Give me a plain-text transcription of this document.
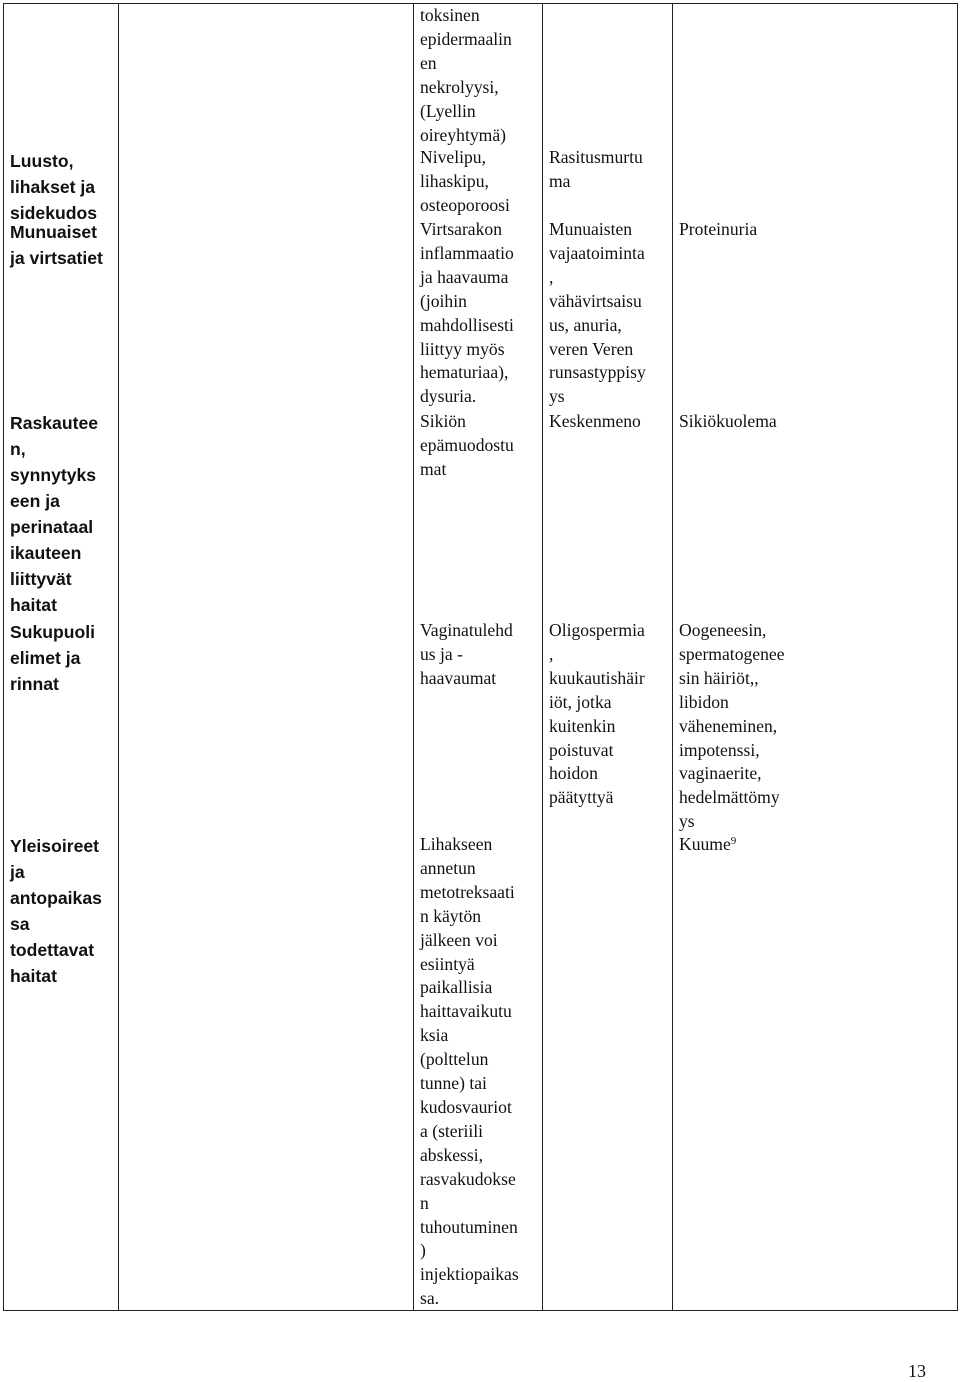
Luusto,
lihakset ja
sidekudos
Munuaiset
ja virtsatiet
Raskautee
n,
synnytyks
een ja
perinataal
ikauteen
liittyvät
haitat
Sukupuoli
elimet ja
rinnat
Yleisoireet
ja
antopaikas
sa
todettavat
haitat
toksinen
epidermaalin
en
nekrolyysi,
(Lyellin
oireyhtymä)
Nivelipu,
lihaskipu,
osteoporoosi
Virtsarakon
inflammaatio
ja haavauma
(joihin
mahdollisesti
liittyy myös
hematuriaa),
dysuria.
Sikiön
epämuodostu
mat
Vaginatulehd
us ja -
haavaumat
Lihakseen
annetun
metotreksaati
n käytön
jälkeen voi
esiintyä
paikallisia
haittavaikutu
ksia
(polttelun
tunne) tai
kudosvauriot
a (steriili
abskessi,
rasvakudokse
n
tuhoutuminen
)
injektiopaikas
sa.
Rasitusmurtu
ma
Munuaisten
vajaatoiminta
,
vähävirtsaisu
us, anuria,
veren Veren
runsastyppisy
ys
Keskenmeno
Oligospermia
,
kuukautishäir
iöt, jotka
kuitenkin
poistuvat
hoidon
päätyttyä
Proteinuria
Sikiökuolema
Oogeneesin,
spermatogenee
sin häiriöt,,
libidon
väheneminen,
impotenssi,
vaginaerite,
hedelmättömy
ys
Kuume$^9$
13
